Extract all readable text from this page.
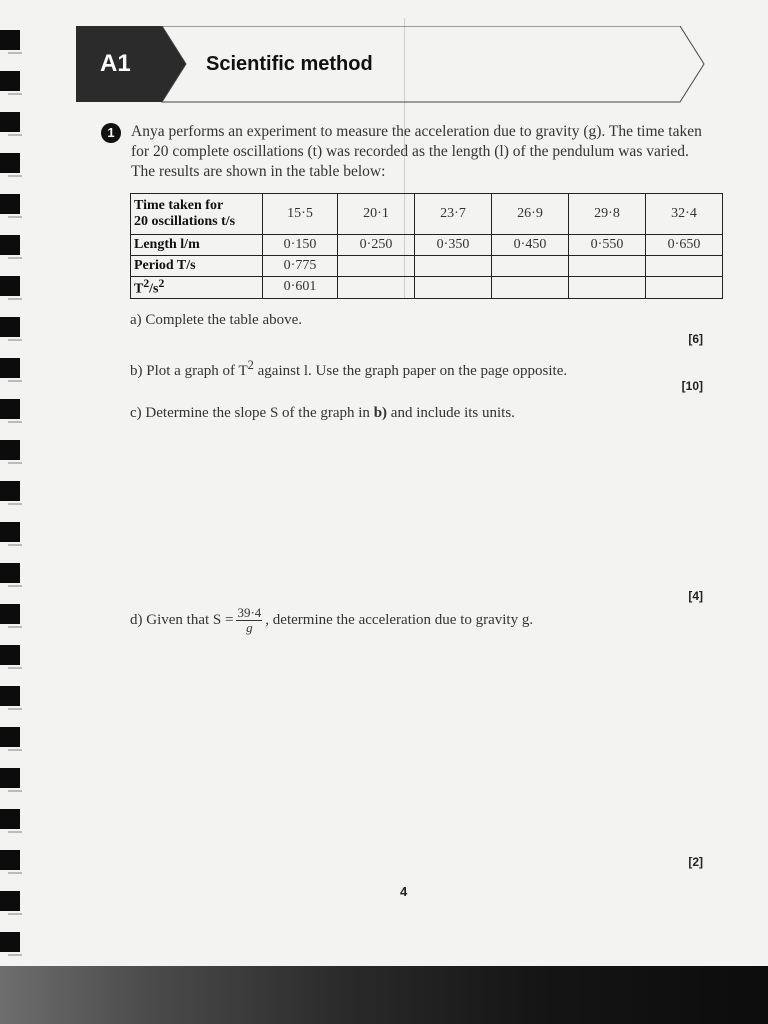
A1	Scientific method
1	Anya performs an experiment to measure the acceleration due to gravity (g). The time taken for 20 complete oscillations (t) was recorded as the length (l) of the pendulum was varied. The results are shown in the table below:
Time taken for
20 oscillations t/s	15·5	20·1	23·7	26·9	29·8	32·4
Length l/m	0·150	0·250	0·350	0·450	0·550	0·650
Period T/s	0·775					
$T^2/s^2$	0·601					
a) Complete the table above.
[6]
b) Plot a graph of $T^2$ against l. Use the graph paper on the page opposite.
[10]
c) Determine the slope S of the graph in b) and include its units.
[4]
d) Given that $S = \frac{39\cdot 4}{g}$ , determine the acceleration due to gravity g.
[2]
4
